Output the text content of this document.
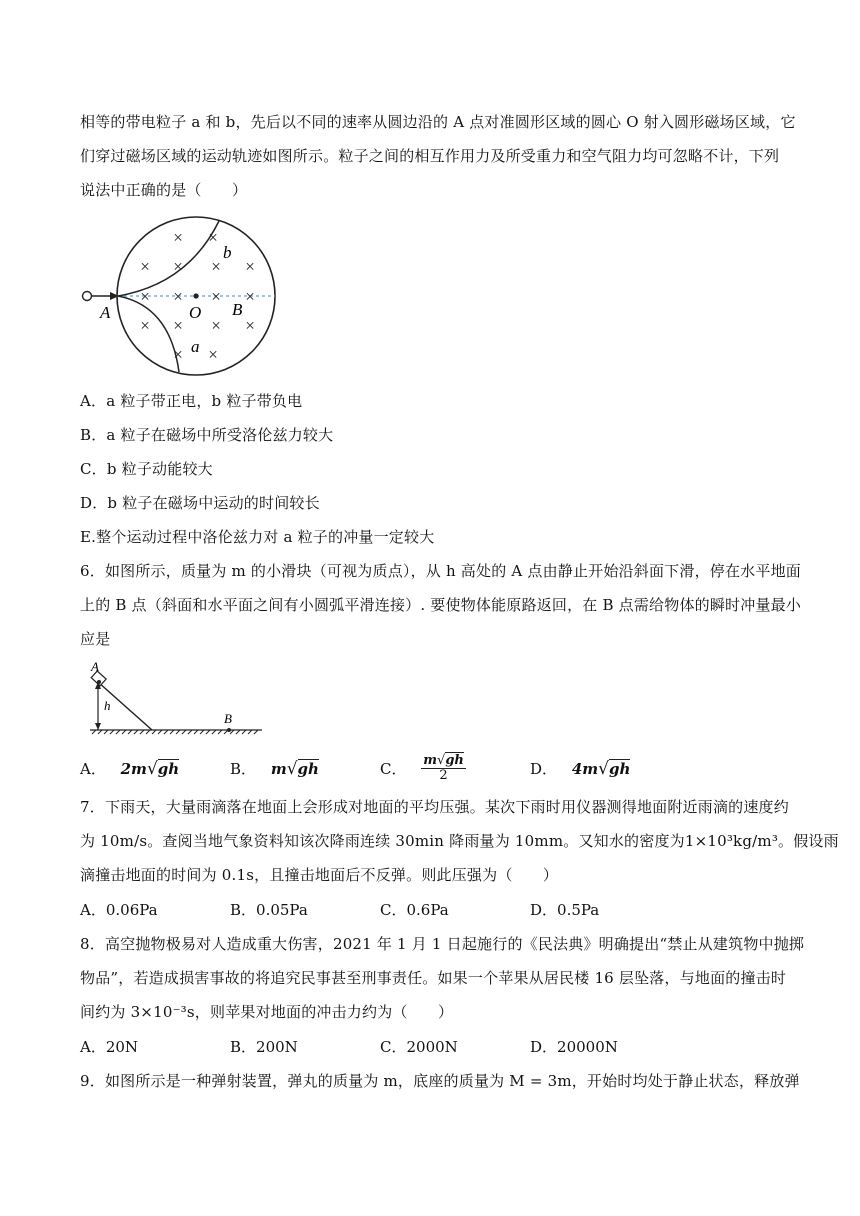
相等的带电粒子 a 和 b，先后以不同的速率从圆边沿的 A 点对准圆形区域的圆心 O 射入圆形磁场区域，它
们穿过磁场区域的运动轨迹如图所示。粒子之间的相互作用力及所受重力和空气阻力均可忽略不计，下列
说法中正确的是（　　）
× ×
× × × ×
× × × ×
× × × ×
× ×
A	O B
b
a
A．a 粒子带正电，b 粒子带负电
B．a 粒子在磁场中所受洛伦兹力较大
C．b 粒子动能较大
D．b 粒子在磁场中运动的时间较长
E.整个运动过程中洛伦兹力对 a 粒子的冲量一定较大
6．如图所示，质量为 m 的小滑块（可视为质点），从 h 高处的 A 点由静止开始沿斜面下滑，停在水平地面
上的 B 点（斜面和水平面之间有小圆弧平滑连接）. 要使物体能原路返回，在 B 点需给物体的瞬时冲量最小
应是
A
h
B
A． 2m√gh	B． m√gh	C． $\frac{m√gh}{2}$	D． 4m√gh
7．下雨天，大量雨滴落在地面上会形成对地面的平均压强。某次下雨时用仪器测得地面附近雨滴的速度约
为 10m/s。查阅当地气象资料知该次降雨连续 30min 降雨量为 10mm。又知水的密度为1×10³kg/m³。假设雨
滴撞击地面的时间为 0.1s，且撞击地面后不反弹。则此压强为（　　）
A．0.06Pa	B．0.05Pa	C．0.6Pa	D．0.5Pa
8．高空抛物极易对人造成重大伤害，2021 年 1 月 1 日起施行的《民法典》明确提出“禁止从建筑物中抛掷
物品”，若造成损害事故的将追究民事甚至刑事责任。如果一个苹果从居民楼 16 层坠落，与地面的撞击时
间约为 3×10⁻³s，则苹果对地面的冲击力约为（　　）
A．20N	B．200N	C．2000N	D．20000N
9．如图所示是一种弹射装置，弹丸的质量为 m，底座的质量为 M = 3m，开始时均处于静止状态，释放弹
